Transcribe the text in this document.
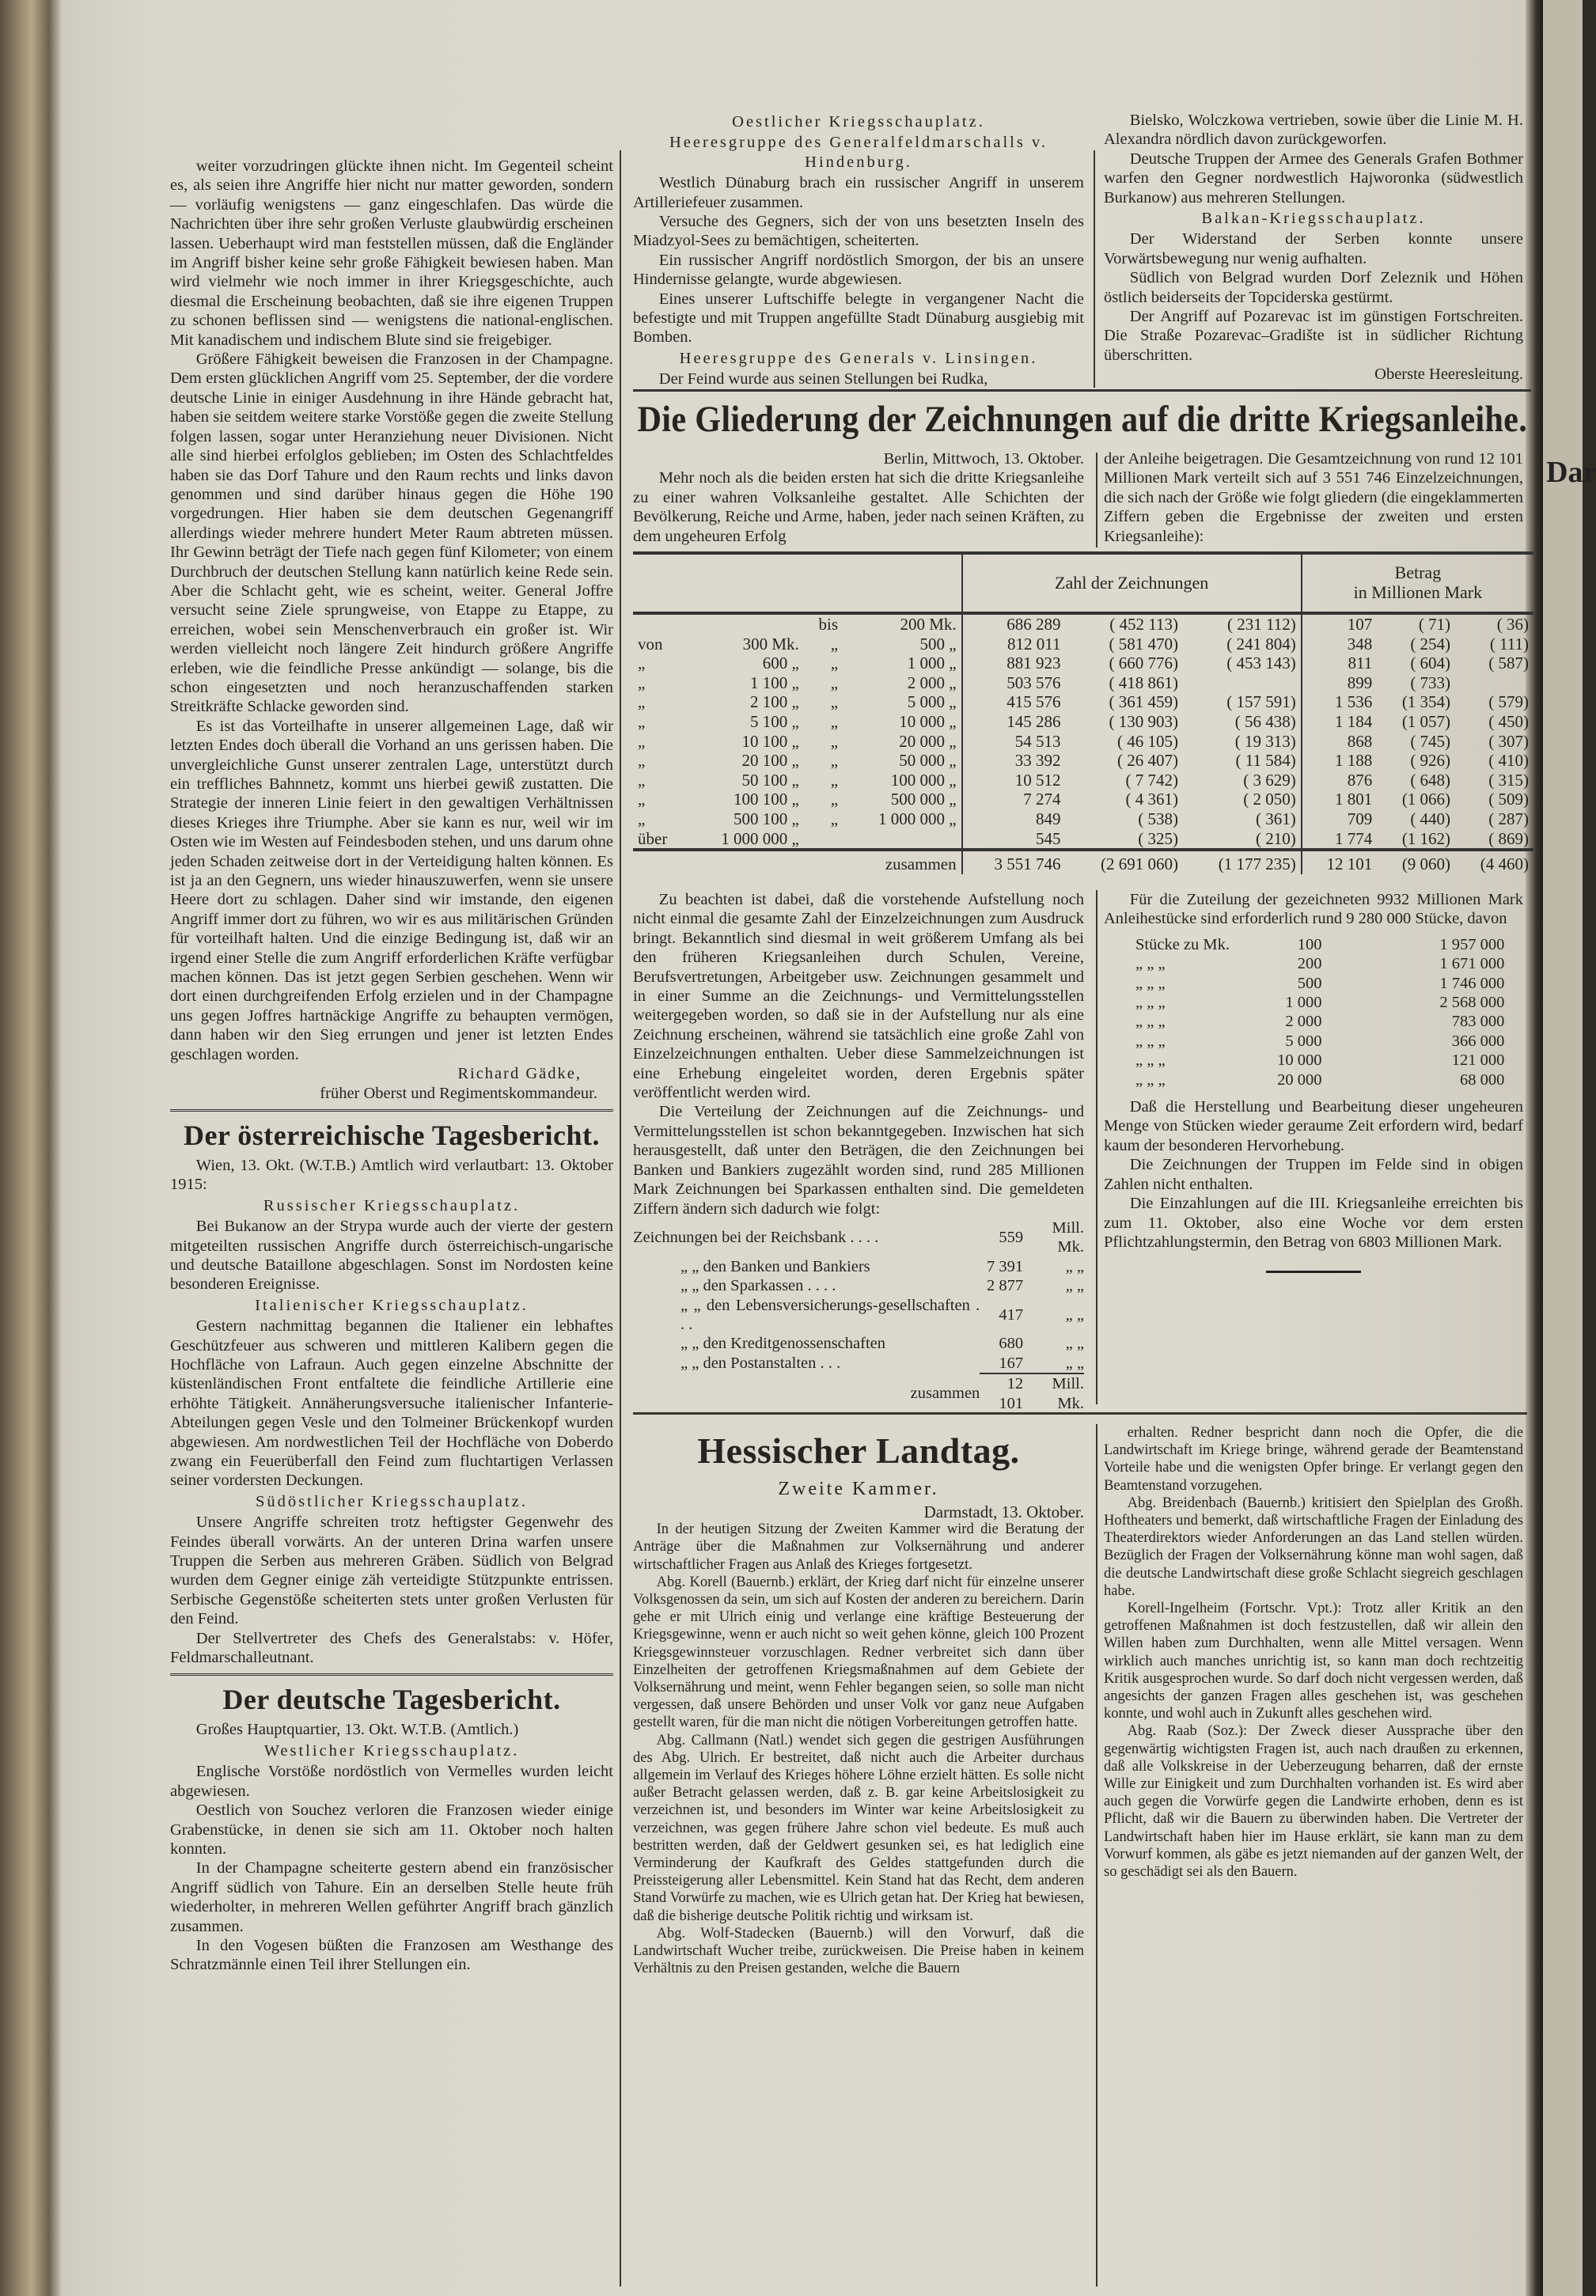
Dar

weiter vorzudringen glückte ihnen nicht. Im Gegenteil scheint es, als seien ihre Angriffe hier nicht nur matter geworden, sondern — vorläufig wenigstens — ganz eingeschlafen. Das würde die Nachrichten über ihre sehr großen Verluste glaubwürdig erscheinen lassen. Ueberhaupt wird man feststellen müssen, daß die Engländer im Angriff bisher keine sehr große Fähigkeit bewiesen haben. Man wird vielmehr wie noch immer in ihrer Kriegsgeschichte, auch diesmal die Erscheinung beobachten, daß sie ihre eigenen Truppen zu schonen beflissen sind — wenigstens die national-englischen. Mit kanadischem und indischem Blute sind sie freigebiger.

Größere Fähigkeit beweisen die Franzosen in der Champagne. Dem ersten glücklichen Angriff vom 25. September, der die vordere deutsche Linie in einiger Ausdehnung in ihre Hände gebracht hat, haben sie seitdem weitere starke Vorstöße gegen die zweite Stellung folgen lassen, sogar unter Heranziehung neuer Divisionen. Nicht alle sind hierbei erfolglos geblieben; im Osten des Schlachtfeldes haben sie das Dorf Tahure und den Raum rechts und links davon genommen und sind darüber hinaus gegen die Höhe 190 vorgedrungen. Hier haben sie dem deutschen Gegenangriff allerdings wieder mehrere hundert Meter Raum abtreten müssen. Ihr Gewinn beträgt der Tiefe nach gegen fünf Kilometer; von einem Durchbruch der deutschen Stellung kann natürlich keine Rede sein. Aber die Schlacht geht, wie es scheint, weiter. General Joffre versucht seine Ziele sprungweise, von Etappe zu Etappe, zu erreichen, wobei sein Menschenverbrauch ein großer ist. Wir werden vielleicht noch längere Zeit hindurch größere Angriffe erleben, wie die feindliche Presse ankündigt — solange, bis die schon eingesetzten und noch heranzuschaffenden starken Streitkräfte Schlacke geworden sind.

Es ist das Vorteilhafte in unserer allgemeinen Lage, daß wir letzten Endes doch überall die Vorhand an uns gerissen haben. Die unvergleichliche Gunst unserer zentralen Lage, unterstützt durch ein treffliches Bahnnetz, kommt uns hierbei gewiß zustatten. Die Strategie der inneren Linie feiert in den gewaltigen Verhältnissen dieses Krieges ihre Triumphe. Aber sie kann es nur, weil wir im Osten wie im Westen auf Feindesboden stehen, und uns darum ohne jeden Schaden zeitweise dort in der Verteidigung halten können. Es ist ja an den Gegnern, uns wieder hinauszuwerfen, wenn sie unsere Heere dort zu schlagen. Daher sind wir imstande, den eigenen Angriff immer dort zu führen, wo wir es aus militärischen Gründen für vorteilhaft halten. Und die einzige Bedingung ist, daß wir an irgend einer Stelle die zum Angriff erforderlichen Kräfte verfügbar machen können. Das ist jetzt gegen Serbien geschehen. Wenn wir dort einen durchgreifenden Erfolg erzielen und in der Champagne uns gegen Joffres hartnäckige Angriffe zu behaupten vermögen, dann haben wir den Sieg errungen und jener ist letzten Endes geschlagen worden.

Richard Gädke,

früher Oberst und Regimentskommandeur.

Der österreichische Tagesbericht.

Wien, 13. Okt. (W.T.B.) Amtlich wird verlautbart: 13. Oktober 1915:

Russischer Kriegsschauplatz.

Bei Bukanow an der Strypa wurde auch der vierte der gestern mitgeteilten russischen Angriffe durch österreichisch-ungarische und deutsche Bataillone abgeschlagen. Sonst im Nordosten keine besonderen Ereignisse.

Italienischer Kriegsschauplatz.

Gestern nachmittag begannen die Italiener ein lebhaftes Geschützfeuer aus schweren und mittleren Kalibern gegen die Hochfläche von Lafraun. Auch gegen einzelne Abschnitte der küstenländischen Front entfaltete die feindliche Artillerie eine erhöhte Tätigkeit. Annäherungsversuche italienischer Infanterie-Abteilungen gegen Vesle und den Tolmeiner Brückenkopf wurden abgewiesen. Am nordwestlichen Teil der Hochfläche von Doberdo zwang ein Feuerüberfall den Feind zum fluchtartigen Verlassen seiner vordersten Deckungen.

Südöstlicher Kriegsschauplatz.

Unsere Angriffe schreiten trotz heftigster Gegenwehr des Feindes überall vorwärts. An der unteren Drina warfen unsere Truppen die Serben aus mehreren Gräben. Südlich von Belgrad wurden dem Gegner einige zäh verteidigte Stützpunkte entrissen. Serbische Gegenstöße scheiterten stets unter großen Verlusten für den Feind.

Der Stellvertreter des Chefs des Generalstabs: v. Höfer, Feldmarschalleutnant.

Der deutsche Tagesbericht.

Großes Hauptquartier, 13. Okt. W.T.B. (Amtlich.)

Westlicher Kriegsschauplatz.

Englische Vorstöße nordöstlich von Vermelles wurden leicht abgewiesen.

Oestlich von Souchez verloren die Franzosen wieder einige Grabenstücke, in denen sie sich am 11. Oktober noch halten konnten.

In der Champagne scheiterte gestern abend ein französischer Angriff südlich von Tahure. Ein an derselben Stelle heute früh wiederholter, in mehreren Wellen geführter Angriff brach gänzlich zusammen.

In den Vogesen büßten die Franzosen am Westhange des Schratzmännle einen Teil ihrer Stellungen ein.

Oestlicher Kriegsschauplatz.

Heeresgruppe des Generalfeldmarschalls v. Hindenburg.

Westlich Dünaburg brach ein russischer Angriff in unserem Artilleriefeuer zusammen.

Versuche des Gegners, sich der von uns besetzten Inseln des Miadzyol-Sees zu bemächtigen, scheiterten.

Ein russischer Angriff nordöstlich Smorgon, der bis an unsere Hindernisse gelangte, wurde abgewiesen.

Eines unserer Luftschiffe belegte in vergangener Nacht die befestigte und mit Truppen angefüllte Stadt Dünaburg ausgiebig mit Bomben.

Heeresgruppe des Generals v. Linsingen.

Der Feind wurde aus seinen Stellungen bei Rudka,

Bielsko, Wolczkowa vertrieben, sowie über die Linie M. H. Alexandra nördlich davon zurückgeworfen.

Deutsche Truppen der Armee des Generals Grafen Bothmer warfen den Gegner nordwestlich Hajworonka (südwestlich Burkanow) aus mehreren Stellungen.

Balkan-Kriegsschauplatz.

Der Widerstand der Serben konnte unsere Vorwärtsbewegung nur wenig aufhalten.

Südlich von Belgrad wurden Dorf Zeleznik und Höhen östlich beiderseits der Topciderska gestürmt.

Der Angriff auf Pozarevac ist im günstigen Fortschreiten. Die Straße Pozarevac–Gradište ist in südlicher Richtung überschritten.

Oberste Heeresleitung.

Die Gliederung der Zeichnungen auf die dritte Kriegsanleihe.

Berlin, Mittwoch, 13. Oktober.

Mehr noch als die beiden ersten hat sich die dritte Kriegsanleihe zu einer wahren Volksanleihe gestaltet. Alle Schichten der Bevölkerung, Reiche und Arme, haben, jeder nach seinen Kräften, zu dem ungeheuren Erfolg

der Anleihe beigetragen. Die Gesamtzeichnung von rund 12 101 Millionen Mark verteilt sich auf 3 551 746 Einzelzeichnungen, die sich nach der Größe wie folgt gliedern (die eingeklammerten Ziffern geben die Ergebnisse der zweiten und ersten Kriegsanleihe):

				Zahl der Zeichnungen			Betrag
in Millionen Mark		
		bis	200 Mk.	686 289	( 452 113)	( 231 112)	107	( 71)	( 36)
von	300 Mk.	„	500 „	812 011	( 581 470)	( 241 804)	348	( 254)	( 111)
„	600 „	„	1 000 „	881 923	( 660 776)	( 453 143)	811	( 604)	( 587)
„	1 100 „	„	2 000 „	503 576	( 418 861)		899	( 733)	
„	2 100 „	„	5 000 „	415 576	( 361 459)	( 157 591)	1 536	(1 354)	( 579)
„	5 100 „	„	10 000 „	145 286	( 130 903)	( 56 438)	1 184	(1 057)	( 450)
„	10 100 „	„	20 000 „	54 513	( 46 105)	( 19 313)	868	( 745)	( 307)
„	20 100 „	„	50 000 „	33 392	( 26 407)	( 11 584)	1 188	( 926)	( 410)
„	50 100 „	„	100 000 „	10 512	( 7 742)	( 3 629)	876	( 648)	( 315)
„	100 100 „	„	500 000 „	7 274	( 4 361)	( 2 050)	1 801	(1 066)	( 509)
„	500 100 „	„	1 000 000 „	849	( 538)	( 361)	709	( 440)	( 287)
über	1 000 000 „			545	( 325)	( 210)	1 774	(1 162)	( 869)
			zusammen	3 551 746	(2 691 060)	(1 177 235)	12 101	(9 060)	(4 460)

Zu beachten ist dabei, daß die vorstehende Aufstellung noch nicht einmal die gesamte Zahl der Einzelzeichnungen zum Ausdruck bringt. Bekanntlich sind diesmal in weit größerem Umfang als bei den früheren Kriegsanleihen durch Schulen, Vereine, Berufsvertretungen, Arbeitgeber usw. Zeichnungen gesammelt und in einer Summe an die Zeichnungs- und Vermittelungsstellen weitergegeben worden, so daß sie in der Aufstellung nur als eine Zeichnung erscheinen, während sie tatsächlich eine große Zahl von Einzelzeichnungen enthalten. Ueber diese Sammelzeichnungen ist eine Erhebung eingeleitet worden, deren Ergebnis später veröffentlicht werden wird.

Die Verteilung der Zeichnungen auf die Zeichnungs- und Vermittelungsstellen ist schon bekanntgegeben. Inzwischen hat sich herausgestellt, daß unter den Beträgen, die den Zeichnungen bei Banken und Bankiers zugezählt worden sind, rund 285 Millionen Mark Zeichnungen bei Sparkassen enthalten sind. Die gemeldeten Ziffern ändern sich dadurch wie folgt:

Zeichnungen bei der Reichsbank . . . .	559	Mill. Mk.
„ „ den Banken und Bankiers	7 391	„ „
„ „ den Sparkassen . . . .	2 877	„ „
„ „ den Lebensversicherungs-gesellschaften . . .	417	„ „
„ „ den Kreditgenossenschaften	680	„ „
„ „ den Postanstalten . . .	167	„ „
zusammen	12 101	Mill. Mk.

Für die Zuteilung der gezeichneten 9932 Millionen Mark Anleihestücke sind erforderlich rund 9 280 000 Stücke, davon

Stücke zu Mk.	100	1 957 000
„ „ „	200	1 671 000
„ „ „	500	1 746 000
„ „ „	1 000	2 568 000
„ „ „	2 000	783 000
„ „ „	5 000	366 000
„ „ „	10 000	121 000
„ „ „	20 000	68 000

Daß die Herstellung und Bearbeitung dieser ungeheuren Menge von Stücken wieder geraume Zeit erfordern wird, bedarf kaum der besonderen Hervorhebung.

Die Zeichnungen der Truppen im Felde sind in obigen Zahlen nicht enthalten.

Die Einzahlungen auf die III. Kriegsanleihe erreichten bis zum 11. Oktober, also eine Woche vor dem ersten Pflichtzahlungstermin, den Betrag von 6803 Millionen Mark.

Hessischer Landtag.

Zweite Kammer.

Darmstadt, 13. Oktober.

In der heutigen Sitzung der Zweiten Kammer wird die Beratung der Anträge über die Maßnahmen zur Volksernährung und anderer wirtschaftlicher Fragen aus Anlaß des Krieges fortgesetzt.

Abg. Korell (Bauernb.) erklärt, der Krieg darf nicht für einzelne unserer Volksgenossen da sein, um sich auf Kosten der anderen zu bereichern. Darin gehe er mit Ulrich einig und verlange eine kräftige Besteuerung der Kriegsgewinne, wenn er auch nicht so weit gehen könne, gleich 100 Prozent Kriegsgewinnsteuer vorzuschlagen. Redner verbreitet sich dann über Einzelheiten der getroffenen Kriegsmaßnahmen auf dem Gebiete der Volksernährung und meint, wenn Fehler begangen seien, so solle man nicht vergessen, daß unsere Behörden und unser Volk vor ganz neue Aufgaben gestellt waren, für die man nicht die nötigen Vorbereitungen getroffen hatte.

Abg. Callmann (Natl.) wendet sich gegen die gestrigen Ausführungen des Abg. Ulrich. Er bestreitet, daß nicht auch die Arbeiter durchaus allgemein im Verlauf des Krieges höhere Löhne erzielt hätten. Es solle nicht außer Betracht gelassen werden, daß z. B. gar keine Arbeitslosigkeit zu verzeichnen ist, und besonders im Winter war keine Arbeitslosigkeit zu verzeichnen, was gegen frühere Jahre schon viel bedeute. Es muß auch bestritten werden, daß der Geldwert gesunken sei, es hat lediglich eine Verminderung der Kaufkraft des Geldes stattgefunden durch die Preissteigerung aller Lebensmittel. Kein Stand hat das Recht, dem anderen Stand Vorwürfe zu machen, wie es Ulrich getan hat. Der Krieg hat bewiesen, daß die bisherige deutsche Politik richtig und wirksam ist.

Abg. Wolf-Stadecken (Bauernb.) will den Vorwurf, daß die Landwirtschaft Wucher treibe, zurückweisen. Die Preise haben in keinem Verhältnis zu den Preisen gestanden, welche die Bauern

erhalten. Redner bespricht dann noch die Opfer, die die Landwirtschaft im Kriege bringe, während gerade der Beamtenstand Vorteile habe und die wenigsten Opfer bringe. Er verlangt gegen den Beamtenstand vorzugehen.

Abg. Breidenbach (Bauernb.) kritisiert den Spielplan des Großh. Hoftheaters und bemerkt, daß wirtschaftliche Fragen der Einladung des Theaterdirektors wieder Anforderungen an das Land stellen würden. Bezüglich der Fragen der Volksernährung könne man wohl sagen, daß die deutsche Landwirtschaft diese große Schlacht siegreich geschlagen habe.

Korell-Ingelheim (Fortschr. Vpt.): Trotz aller Kritik an den getroffenen Maßnahmen ist doch festzustellen, daß wir allein den Willen haben zum Durchhalten, wenn alle Mittel versagen. Wenn wirklich auch manches unrichtig ist, so kann man doch rechtzeitig Kritik ausgesprochen wurde. So darf doch nicht vergessen werden, daß angesichts der ganzen Fragen alles geschehen ist, was geschehen konnte, und wohl auch in Zukunft alles geschehen wird.

Abg. Raab (Soz.): Der Zweck dieser Aussprache über den gegenwärtig wichtigsten Fragen ist, auch nach draußen zu erkennen, daß alle Volkskreise in der Ueberzeugung beharren, daß der ernste Wille zur Einigkeit und zum Durchhalten vorhanden ist. Es wird aber auch gegen die Vorwürfe gegen die Landwirte erhoben, denn es ist Pflicht, daß wir die Bauern zu überwinden haben. Die Vertreter der Landwirtschaft haben hier im Hause erklärt, sie kann man zu dem Vorwurf kommen, als gäbe es jetzt niemanden auf der ganzen Welt, der so geschädigt sei als den Bauern.
